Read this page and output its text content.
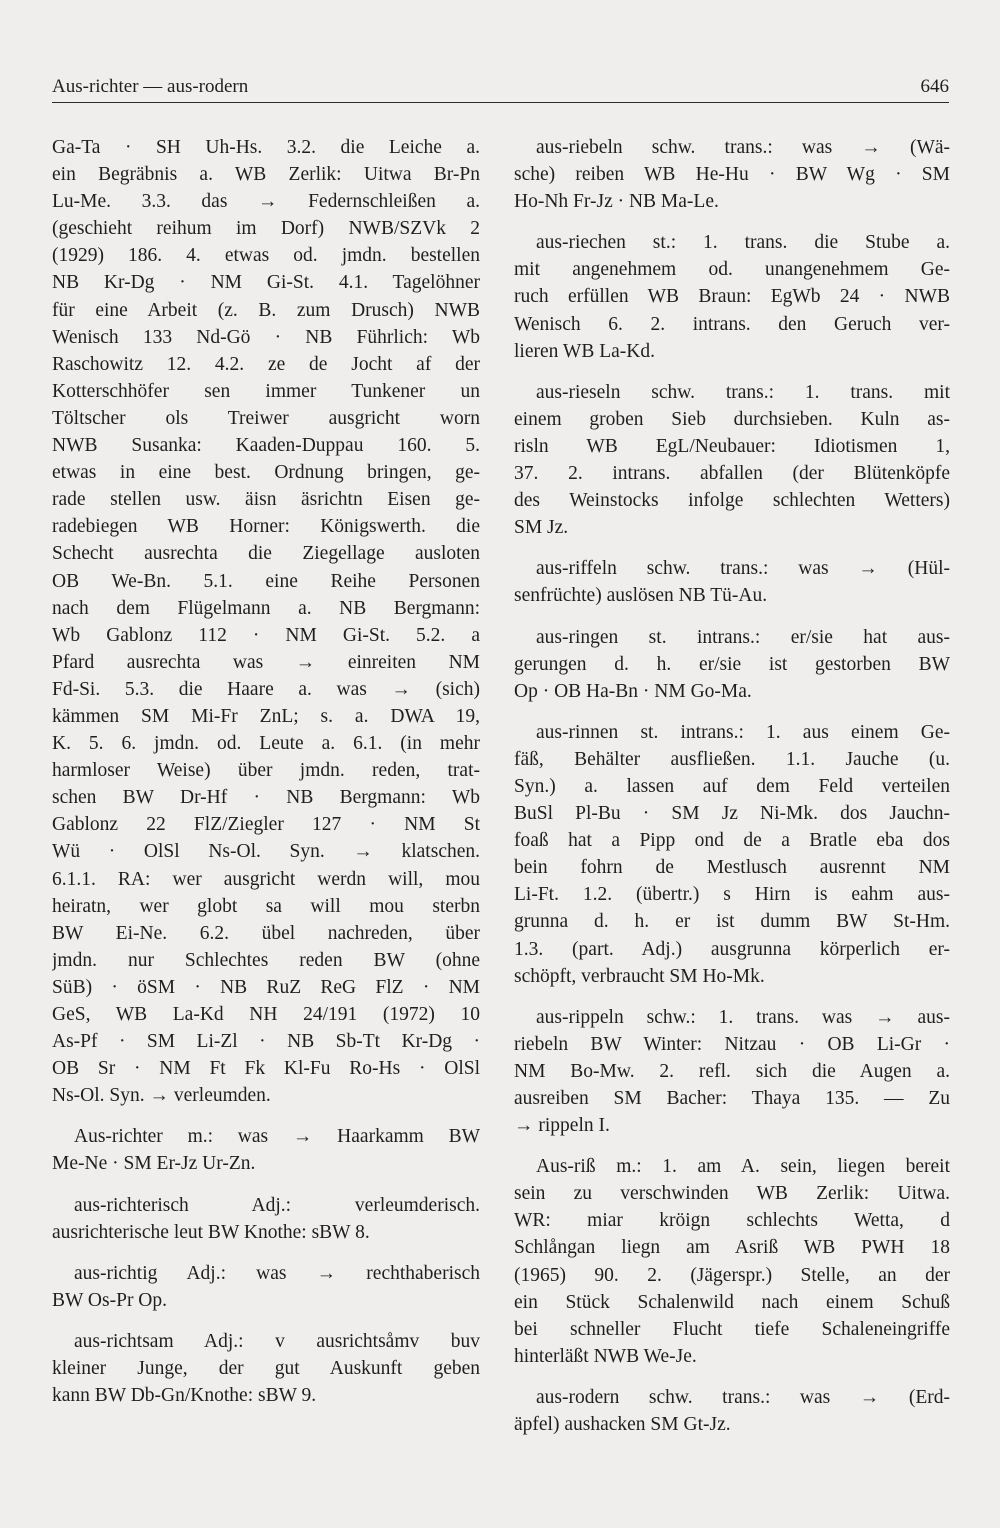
Aus-richter — aus-rodern	646
Ga-Ta · SH Uh-Hs. 3.2. die Leiche a.
ein Begräbnis a. WB Zerlik: Uitwa Br-Pn
Lu-Me. 3.3. das → Federnschleißen a.
(geschieht reihum im Dorf) NWB/SZVk 2
(1929) 186. 4. etwas od. jmdn. bestellen
NB Kr-Dg · NM Gi-St. 4.1. Tagelöhner
für eine Arbeit (z. B. zum Drusch) NWB
Wenisch 133 Nd-Gö · NB Führlich: Wb
Raschowitz 12. 4.2. ze de Jocht af der
Kotterschhöfer sen immer Tunkener un
Töltscher ols Treiwer ausgricht worn
NWB Susanka: Kaaden-Duppau 160. 5.
etwas in eine best. Ordnung bringen, ge-
rade stellen usw. äisn äsrichtn Eisen ge-
radebiegen WB Horner: Königswerth. die
Schecht ausrechta die Ziegellage ausloten
OB We-Bn. 5.1. eine Reihe Personen
nach dem Flügelmann a. NB Bergmann:
Wb Gablonz 112 · NM Gi-St. 5.2. a
Pfard ausrechta was → einreiten NM
Fd-Si. 5.3. die Haare a. was → (sich)
kämmen SM Mi-Fr ZnL; s. a. DWA 19,
K. 5. 6. jmdn. od. Leute a. 6.1. (in mehr
harmloser Weise) über jmdn. reden, trat-
schen BW Dr-Hf · NB Bergmann: Wb
Gablonz 22 FlZ/Ziegler 127 · NM St
Wü · OlSl Ns-Ol. Syn. → klatschen.
6.1.1. RA: wer ausgricht werdn will, mou
heiratn, wer globt sa will mou sterbn
BW Ei-Ne. 6.2. übel nachreden, über
jmdn. nur Schlechtes reden BW (ohne
SüB) · öSM · NB RuZ ReG FlZ · NM
GeS, WB La-Kd NH 24/191 (1972) 10
As-Pf · SM Li-Zl · NB Sb-Tt Kr-Dg ·
OB Sr · NM Ft Fk Kl-Fu Ro-Hs · OlSl
Ns-Ol. Syn. → verleumden.
Aus-richter m.: was → Haarkamm BW
Me-Ne · SM Er-Jz Ur-Zn.
aus-richterisch Adj.: verleumderisch.
ausrichterische leut BW Knothe: sBW 8.
aus-richtig Adj.: was → rechthaberisch
BW Os-Pr Op.
aus-richtsam Adj.: v ausrichtsåmv buv
kleiner Junge, der gut Auskunft geben
kann BW Db-Gn/Knothe: sBW 9.
aus-riebeln schw. trans.: was → (Wä-
sche) reiben WB He-Hu · BW Wg · SM
Ho-Nh Fr-Jz · NB Ma-Le.
aus-riechen st.: 1. trans. die Stube a.
mit angenehmem od. unangenehmem Ge-
ruch erfüllen WB Braun: EgWb 24 · NWB
Wenisch 6. 2. intrans. den Geruch ver-
lieren WB La-Kd.
aus-rieseln schw. trans.: 1. trans. mit
einem groben Sieb durchsieben. Kuln as-
risln WB EgL/Neubauer: Idiotismen 1,
37. 2. intrans. abfallen (der Blütenköpfe
des Weinstocks infolge schlechten Wetters)
SM Jz.
aus-riffeln schw. trans.: was → (Hül-
senfrüchte) auslösen NB Tü-Au.
aus-ringen st. intrans.: er/sie hat aus-
gerungen d. h. er/sie ist gestorben BW
Op · OB Ha-Bn · NM Go-Ma.
aus-rinnen st. intrans.: 1. aus einem Ge-
fäß, Behälter ausfließen. 1.1. Jauche (u.
Syn.) a. lassen auf dem Feld verteilen
BuSl Pl-Bu · SM Jz Ni-Mk. dos Jauchn-
foaß hat a Pipp ond de a Bratle eba dos
bein fohrn de Mestlusch ausrennt NM
Li-Ft. 1.2. (übertr.) s Hirn is eahm aus-
grunna d. h. er ist dumm BW St-Hm.
1.3. (part. Adj.) ausgrunna körperlich er-
schöpft, verbraucht SM Ho-Mk.
aus-rippeln schw.: 1. trans. was → aus-
riebeln BW Winter: Nitzau · OB Li-Gr ·
NM Bo-Mw. 2. refl. sich die Augen a.
ausreiben SM Bacher: Thaya 135. — Zu
→ rippeln I.
Aus-riß m.: 1. am A. sein, liegen bereit
sein zu verschwinden WB Zerlik: Uitwa.
WR: miar kröign schlechts Wetta, d
Schlångan liegn am Asriß WB PWH 18
(1965) 90. 2. (Jägerspr.) Stelle, an der
ein Stück Schalenwild nach einem Schuß
bei schneller Flucht tiefe Schaleneingriffe
hinterläßt NWB We-Je.
aus-rodern schw. trans.: was → (Erd-
äpfel) aushacken SM Gt-Jz.
